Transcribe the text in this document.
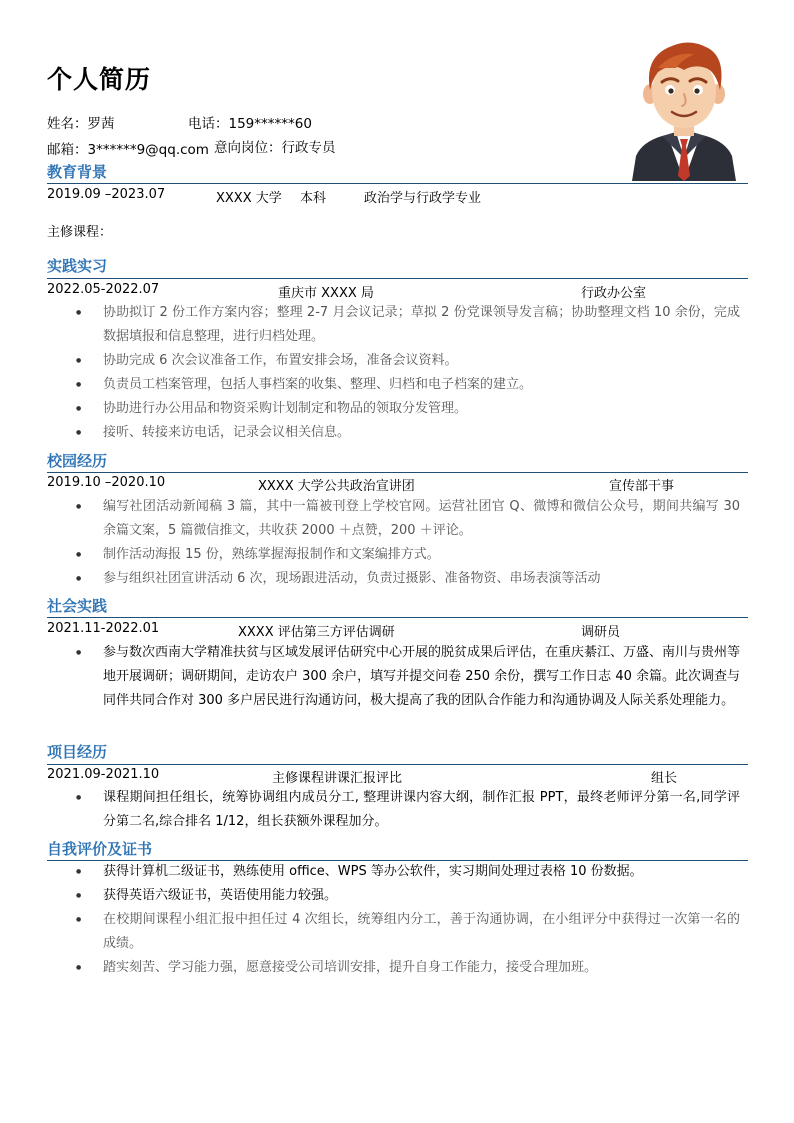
个人简历
姓名：罗茜	电话：159******60
邮箱：3******9@qq.com 意向岗位：行政专员
教育背景
2019.09 –2023.07	XXXX 大学 本科	政治学与行政学专业
主修课程：
实践实习
2022.05-2022.07	重庆市 XXXX 局	行政办公室
● 协助拟订 2 份工作方案内容；整理 2-7 月会议记录；草拟 2 份党课领导发言稿；协助整理文档 10 余份，完成数据填报和信息整理，进行归档处理。
● 协助完成 6 次会议准备工作，布置安排会场，准备会议资料。
● 负责员工档案管理，包括人事档案的收集、整理、归档和电子档案的建立。
● 协助进行办公用品和物资采购计划制定和物品的领取分发管理。
● 接听、转接来访电话，记录会议相关信息。
校园经历
2019.10 –2020.10	XXXX 大学公共政治宣讲团	宣传部干事
● 编写社团活动新闻稿 3 篇，其中一篇被刊登上学校官网。运营社团官 Q、微博和微信公众号，期间共编写 30 余篇文案，5 篇微信推文，共收获 2000 ＋点赞，200 ＋评论。
● 制作活动海报 15 份，熟练掌握海报制作和文案编排方式。
● 参与组织社团宣讲活动 6 次，现场跟进活动，负责过摄影、准备物资、串场表演等活动
社会实践
2021.11-2022.01	XXXX 评估第三方评估调研	调研员
● 参与数次西南大学精准扶贫与区域发展评估研究中心开展的脱贫成果后评估，在重庆綦江、万盛、南川与贵州等地开展调研；调研期间，走访农户 300 余户，填写并提交问卷 250 余份，撰写工作日志 40 余篇。此次调查与同伴共同合作对 300 多户居民进行沟通访问，极大提高了我的团队合作能力和沟通协调及人际关系处理能力。
项目经历
2021.09-2021.10	主修课程讲课汇报评比	组长
● 课程期间担任组长，统筹协调组内成员分工, 整理讲课内容大纲，制作汇报 PPT，最终老师评分第一名,同学评分第二名,综合排名 1/12，组长获额外课程加分。
自我评价及证书
● 获得计算机二级证书，熟练使用 office、WPS 等办公软件，实习期间处理过表格 10 份数据。
● 获得英语六级证书，英语使用能力较强。
● 在校期间课程小组汇报中担任过 4 次组长，统筹组内分工，善于沟通协调，在小组评分中获得过一次第一名的成绩。
● 踏实刻苦、学习能力强，愿意接受公司培训安排，提升自身工作能力，接受合理加班。
